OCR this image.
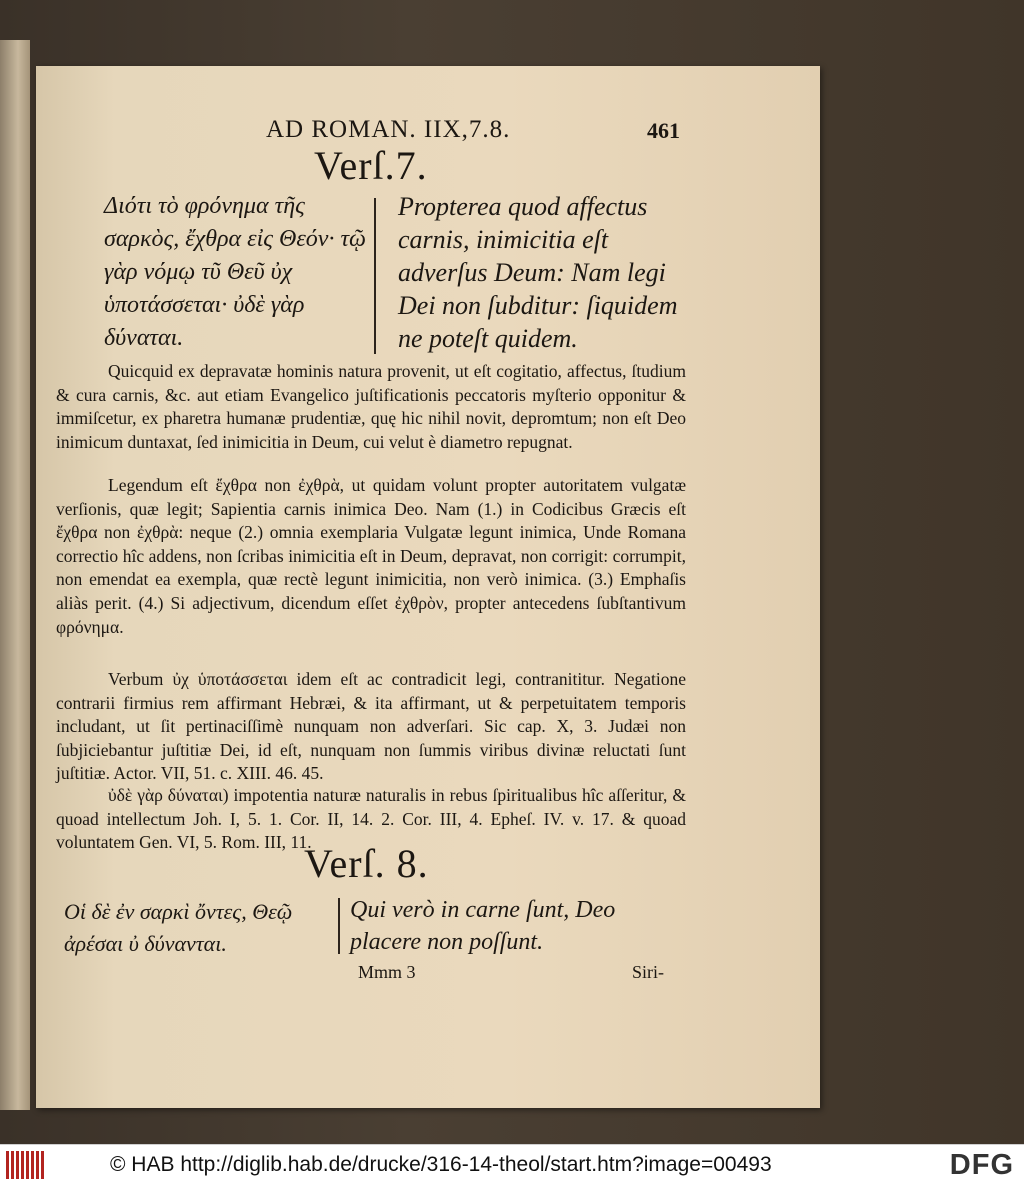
AD ROMAN. IIX,7.8.	461
Verſ.7.
Διότι τὸ φρόνημα τῆς σαρκὸς, ἔχθρα εἰς Θεόν· τῷ γὰρ νόμῳ τῦ Θεῦ ὐχ ὑποτάσσεται· ὐδὲ γὰρ δύναται.
Propterea quod affectus carnis, inimicitia eſt adverſus Deum: Nam legi Dei non ſubditur: ſiquidem ne poteſt quidem.

Quicquid ex depravatæ hominis natura provenit, ut eſt cogitatio, affectus, ſtudium & cura carnis, &c. aut etiam Evangelico juſtificationis peccatoris myſterio opponitur & immiſcetur, ex pharetra humanæ prudentiæ, quę hic nihil novit, depromtum; non eſt Deo inimicum duntaxat, ſed inimicitia in Deum, cui velut è diametro repugnat.

Legendum eſt ἔχθρα non ἐχθρὰ, ut quidam volunt propter autoritatem vulgatæ verſionis, quæ legit; Sapientia carnis inimica Deo. Nam (1.) in Codicibus Græcis eſt ἔχθρα non ἐχθρὰ: neque (2.) omnia exemplaria Vulgatæ legunt inimica, Unde Romana correctio hîc addens, non ſcribas inimicitia eſt in Deum, depravat, non corrigit: corrumpit, non emendat ea exempla, quæ rectè legunt inimicitia, non verò inimica. (3.) Emphaſis aliàs perit. (4.) Si adjectivum, dicendum eſſet ἐχθρὸν, propter antecedens ſubſtantivum φρόνημα.

Verbum ὐχ ὑποτάσσεται idem eſt ac contradicit legi, contranititur. Negatione contrarii firmius rem affirmant Hebræi, & ita affirmant, ut & perpetuitatem temporis includant, ut ſit pertinaciſſimè nunquam non adverſari. Sic cap. X, 3. Judæi non ſubjiciebantur juſtitiæ Dei, id eſt, nunquam non ſummis viribus divinæ reluctati ſunt juſtitiæ. Actor. VII, 51. c. XIII. 46. 45.

ὐδὲ γὰρ δύναται) impotentia naturæ naturalis in rebus ſpiritualibus hîc aſſeritur, & quoad intellectum Joh. I, 5. 1. Cor. II, 14. 2. Cor. III, 4. Epheſ. IV. v. 17. & quoad voluntatem Gen. VI, 5. Rom. III, 11.

Verſ. 8.
Οἱ δὲ ἐν σαρκὶ ὄντες, Θεῷ ἀρέσαι ὐ δύνανται.
Qui verò in carne ſunt, Deo placere non poſſunt.
Mmm 3	Siri-
© HAB http://diglib.hab.de/drucke/316-14-theol/start.htm?image=00493	DFG
